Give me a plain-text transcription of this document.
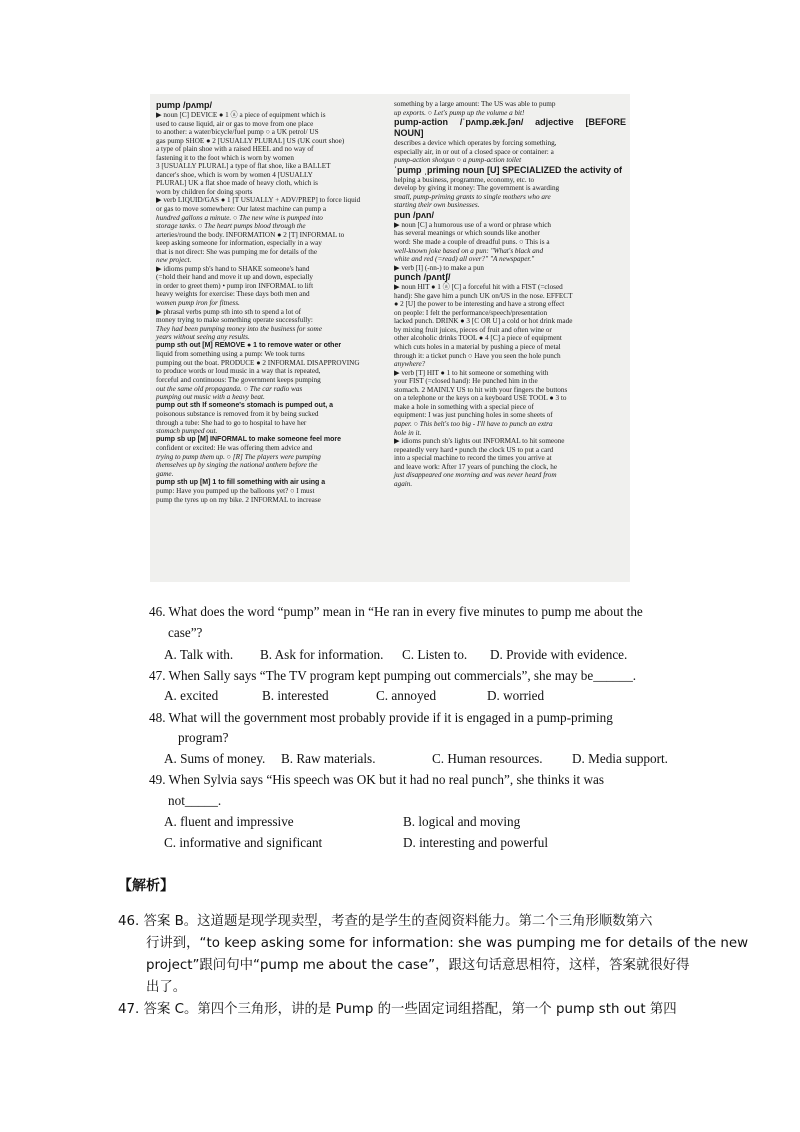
pump /pʌmp/
▶ noun [C] DEVICE ● 1 ⓐ a piece of equipment which is
used to cause liquid, air or gas to move from one place
to another: a water/bicycle/fuel pump ○ a UK petrol/ US
gas pump SHOE ● 2 [USUALLY PLURAL] US (UK court shoe)
a type of plain shoe with a raised HEEL and no way of
fastening it to the foot which is worn by women
3 [USUALLY PLURAL] a type of flat shoe, like a BALLET
dancer's shoe, which is worn by women 4 [USUALLY
PLURAL] UK a flat shoe made of heavy cloth, which is
worn by children for doing sports
▶ verb LIQUID/GAS ● 1 [T USUALLY + ADV/PREP] to force liquid
or gas to move somewhere: Our latest machine can pump a
hundred gallons a minute. ○ The new wine is pumped into
storage tanks. ○ The heart pumps blood through the
arteries/round the body. INFORMATION ● 2 [T] INFORMAL to
keep asking someone for information, especially in a way
that is not direct: She was pumping me for details of the
new project.
▶ idioms pump sb's hand to SHAKE someone's hand
(=hold their hand and move it up and down, especially
in order to greet them) • pump iron INFORMAL to lift
heavy weights for exercise: These days both men and
women pump iron for fitness.
▶ phrasal verbs pump sth into sth to spend a lot of
money trying to make something operate successfully:
They had been pumping money into the business for some
years without seeing any results.
pump sth out [M] REMOVE ● 1 to remove water or other
liquid from something using a pump: We took turns
pumping out the boat. PRODUCE ● 2 INFORMAL DISAPPROVING
to produce words or loud music in a way that is repeated,
forceful and continuous: The government keeps pumping
out the same old propaganda. ○ The car radio was
pumping out music with a heavy beat.
pump out sth If someone's stomach is pumped out, a
poisonous substance is removed from it by being sucked
through a tube: She had to go to hospital to have her
stomach pumped out.
pump sb up [M] INFORMAL to make someone feel more
confident or excited: He was offering them advice and
trying to pump them up. ○ [R] The players were pumping
themselves up by singing the national anthem before the
game.
pump sth up [M] 1 to fill something with air using a
pump: Have you pumped up the balloons yet? ○ I must
pump the tyres up on my bike. 2 INFORMAL to increase
something by a large amount: The US was able to pump
up exports. ○ Let's pump up the volume a bit!
pump-action /ˈpʌmp.æk.ʃən/ adjective [BEFORE NOUN]
describes a device which operates by forcing something,
especially air, in or out of a closed space or container: a
pump-action shotgun ○ a pump-action toilet
ˈpump ˌpriming noun [U] SPECIALIZED the activity of
helping a business, programme, economy, etc. to
develop by giving it money: The government is awarding
small, pump-priming grants to single mothers who are
starting their own businesses.
pun /pʌn/
▶ noun [C] a humorous use of a word or phrase which
has several meanings or which sounds like another
word: She made a couple of dreadful puns. ○ This is a
well-known joke based on a pun: "What's black and
white and red (=read) all over?" "A newspaper."
▶ verb [I] (-nn-) to make a pun
punch /pʌntʃ/
▶ noun HIT ● 1 ⓐ [C] a forceful hit with a FIST (=closed
hand): She gave him a punch UK on/US in the nose. EFFECT
● 2 [U] the power to be interesting and have a strong effect
on people: I felt the performance/speech/presentation
lacked punch. DRINK ● 3 [C OR U] a cold or hot drink made
by mixing fruit juices, pieces of fruit and often wine or
other alcoholic drinks TOOL ● 4 [C] a piece of equipment
which cuts holes in a material by pushing a piece of metal
through it: a ticket punch ○ Have you seen the hole punch
anywhere?
▶ verb [T] HIT ● 1 to hit someone or something with
your FIST (=closed hand): He punched him in the
stomach. 2 MAINLY US to hit with your fingers the buttons
on a telephone or the keys on a keyboard USE TOOL ● 3 to
make a hole in something with a special piece of
equipment: I was just punching holes in some sheets of
paper. ○ This belt's too big - I'll have to punch an extra
hole in it.
▶ idioms punch sb's lights out INFORMAL to hit someone
repeatedly very hard • punch the clock US to put a card
into a special machine to record the times you arrive at
and leave work: After 17 years of punching the clock, he
just disappeared one morning and was never heard from
again.
46. What does the word “pump” mean in “He ran in every five minutes to pump me about the
case”?
A. Talk with. B. Ask for information. C. Listen to. D. Provide with evidence.
47. When Sally says “The TV program kept pumping out commercials”, she may be______.
A. excited	B. interested	C. annoyed	D. worried
48. What will the government most probably provide if it is engaged in a pump-priming
program?
A. Sums of money. B. Raw materials.	C. Human resources. D. Media support.
49. When Sylvia says “His speech was OK but it had no real punch”, she thinks it was
not_____.
A. fluent and impressive	B. logical and moving
C. informative and significant	D. interesting and powerful
【解析】
46. 答案 B。这道题是现学现卖型，考查的是学生的查阅资料能力。第二个三角形顺数第六
行讲到，“to keep asking some for information: she was pumping me for details of the new
project”跟问句中“pump me about the case”，跟这句话意思相符，这样，答案就很好得
出了。
47. 答案 C。第四个三角形，讲的是 Pump 的一些固定词组搭配，第一个 pump sth out 第四
